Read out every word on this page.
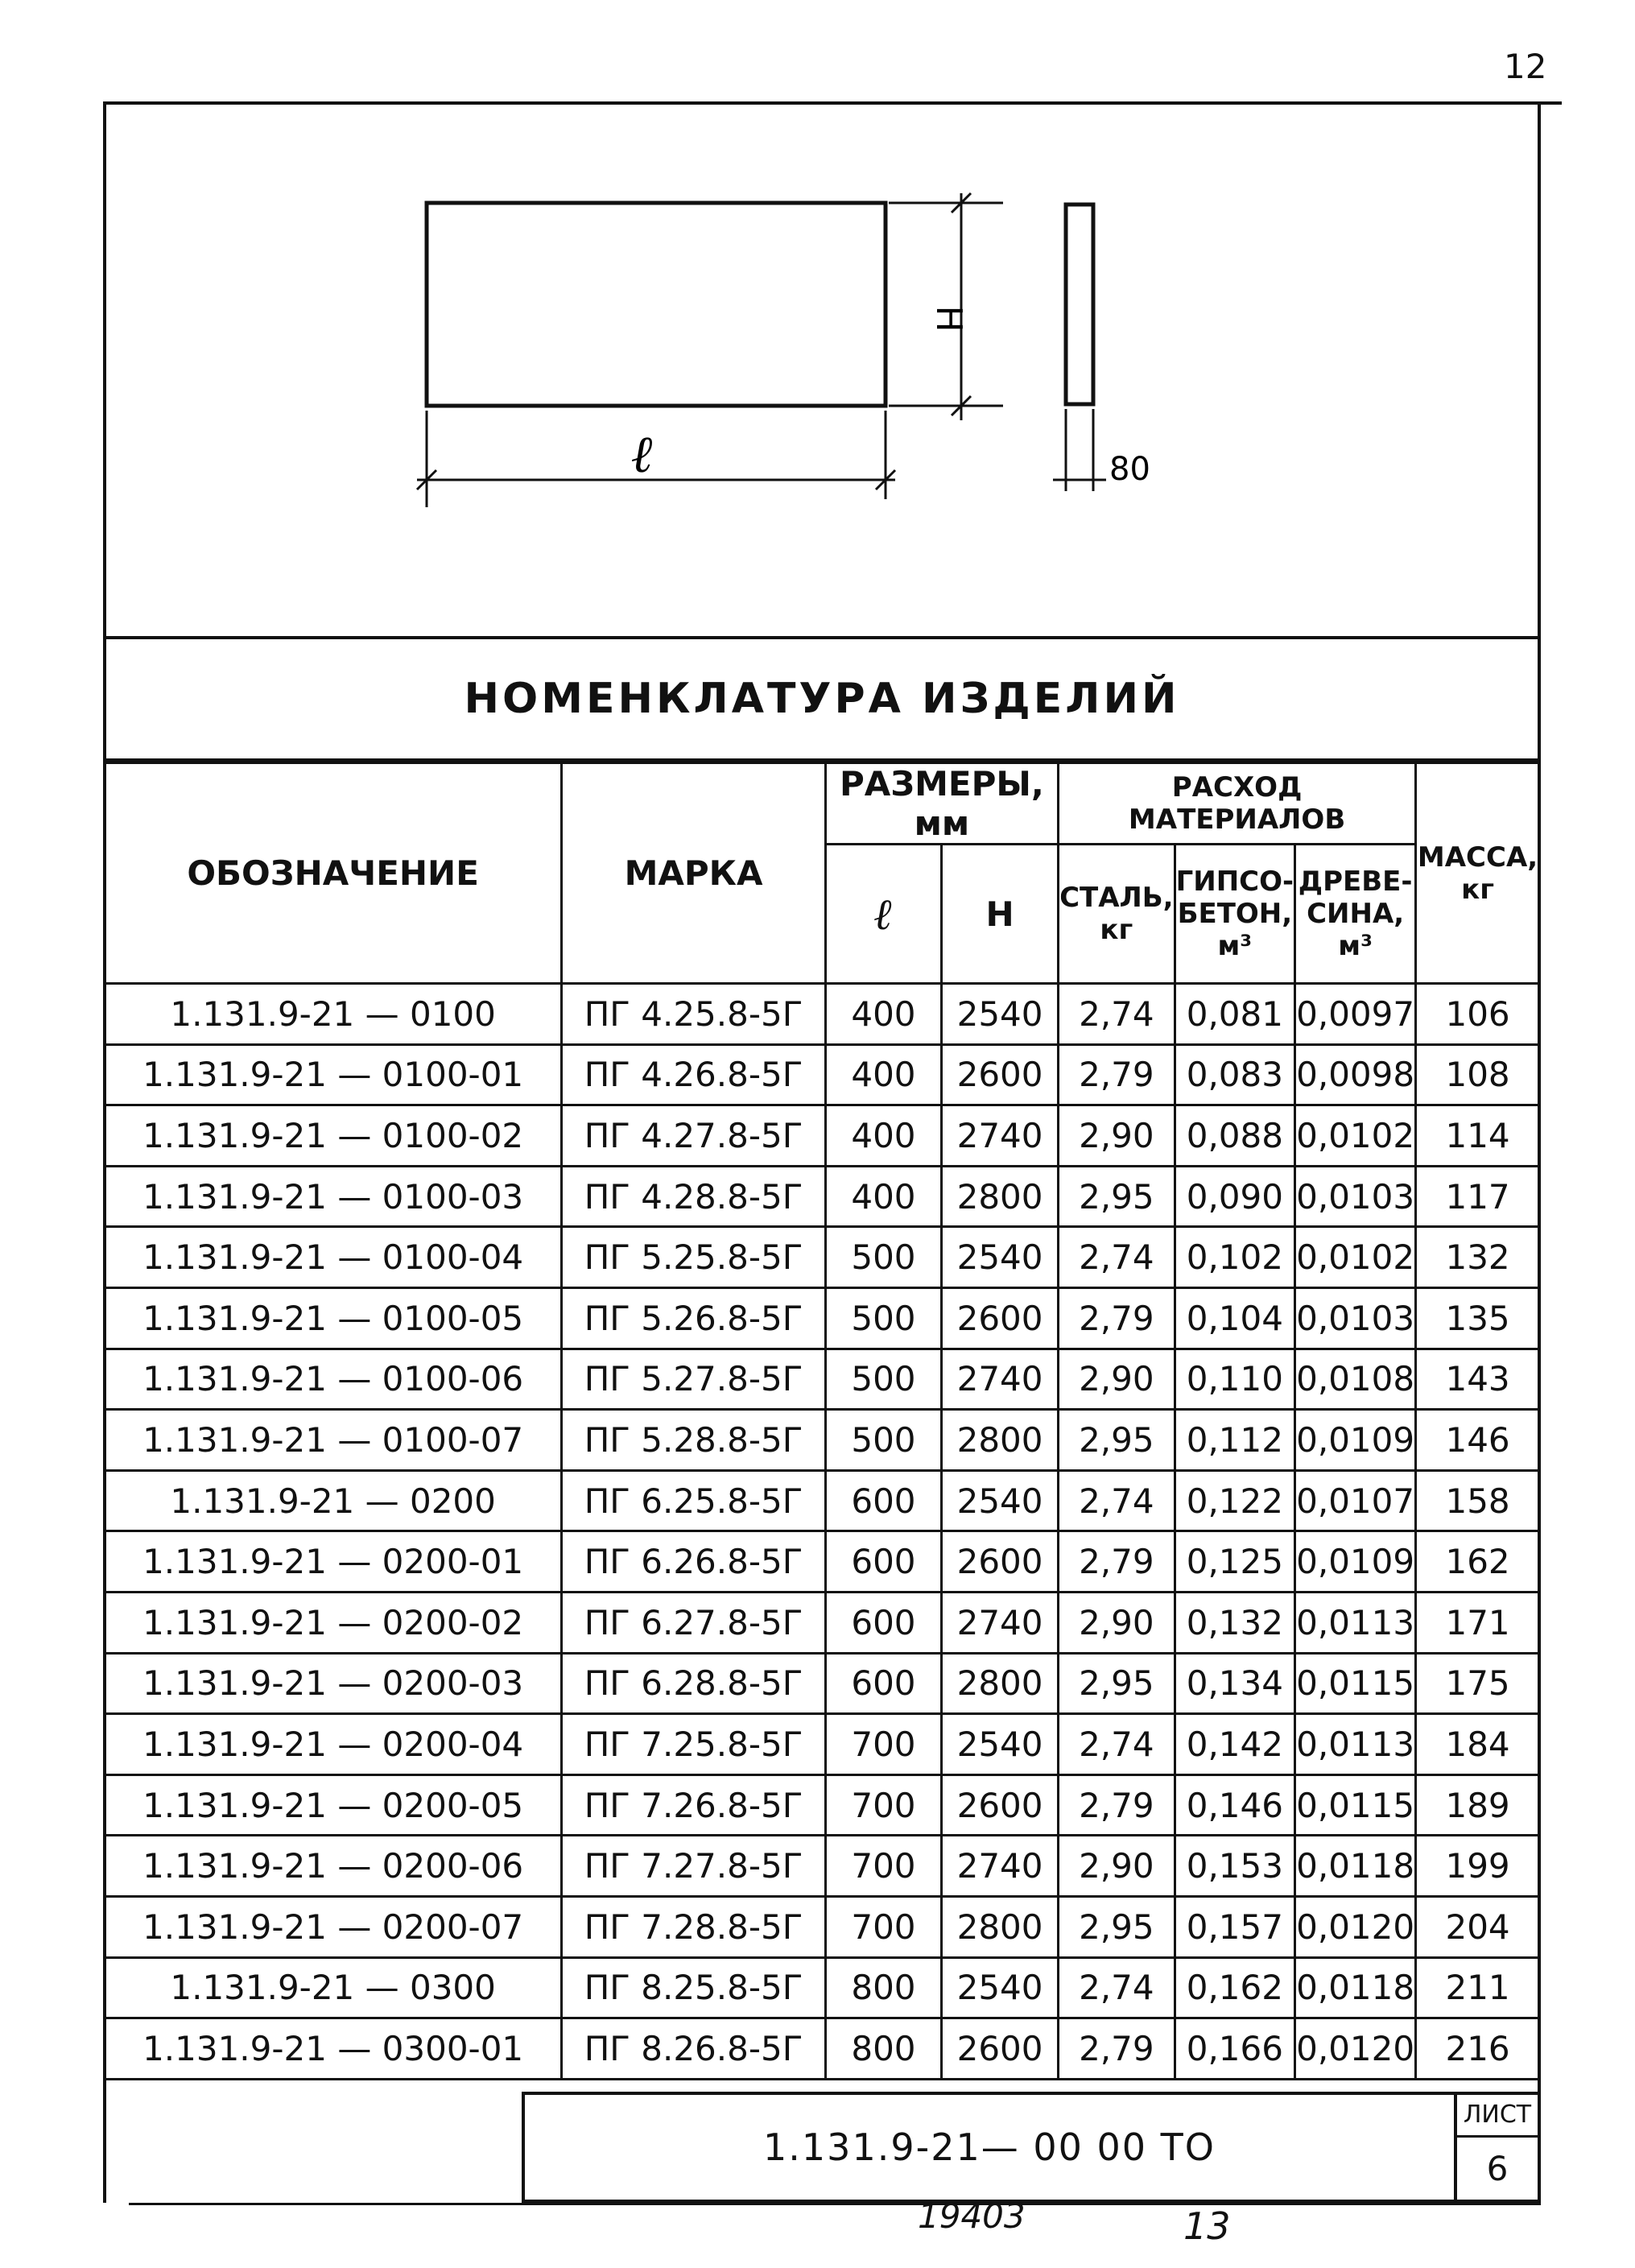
12
ℓ
H
80
НОМЕНКЛАТУРА ИЗДЕЛИЙ
ОБОЗНАЧЕНИЕ	МАРКА	РАЗМЕРЫ, мм		РАСХОД МАТЕРИАЛОВ			МАССА, кг
		ℓ	H	СТАЛЬ, кг	ГИПСО-БЕТОН, м³	ДРЕВЕ-СИНА, м³	
1.131.9-21 — 0100	ПГ 4.25.8-5Г	400	2540	2,74	0,081	0,0097	106
1.131.9-21 — 0100-01	ПГ 4.26.8-5Г	400	2600	2,79	0,083	0,0098	108
1.131.9-21 — 0100-02	ПГ 4.27.8-5Г	400	2740	2,90	0,088	0,0102	114
1.131.9-21 — 0100-03	ПГ 4.28.8-5Г	400	2800	2,95	0,090	0,0103	117
1.131.9-21 — 0100-04	ПГ 5.25.8-5Г	500	2540	2,74	0,102	0,0102	132
1.131.9-21 — 0100-05	ПГ 5.26.8-5Г	500	2600	2,79	0,104	0,0103	135
1.131.9-21 — 0100-06	ПГ 5.27.8-5Г	500	2740	2,90	0,110	0,0108	143
1.131.9-21 — 0100-07	ПГ 5.28.8-5Г	500	2800	2,95	0,112	0,0109	146
1.131.9-21 — 0200	ПГ 6.25.8-5Г	600	2540	2,74	0,122	0,0107	158
1.131.9-21 — 0200-01	ПГ 6.26.8-5Г	600	2600	2,79	0,125	0,0109	162
1.131.9-21 — 0200-02	ПГ 6.27.8-5Г	600	2740	2,90	0,132	0,0113	171
1.131.9-21 — 0200-03	ПГ 6.28.8-5Г	600	2800	2,95	0,134	0,0115	175
1.131.9-21 — 0200-04	ПГ 7.25.8-5Г	700	2540	2,74	0,142	0,0113	184
1.131.9-21 — 0200-05	ПГ 7.26.8-5Г	700	2600	2,79	0,146	0,0115	189
1.131.9-21 — 0200-06	ПГ 7.27.8-5Г	700	2740	2,90	0,153	0,0118	199
1.131.9-21 — 0200-07	ПГ 7.28.8-5Г	700	2800	2,95	0,157	0,0120	204
1.131.9-21 — 0300	ПГ 8.25.8-5Г	800	2540	2,74	0,162	0,0118	211
1.131.9-21 — 0300-01	ПГ 8.26.8-5Г	800	2600	2,79	0,166	0,0120	216
1.131.9-21— 00 00 ТО
ЛИСТ
6
19403	13
